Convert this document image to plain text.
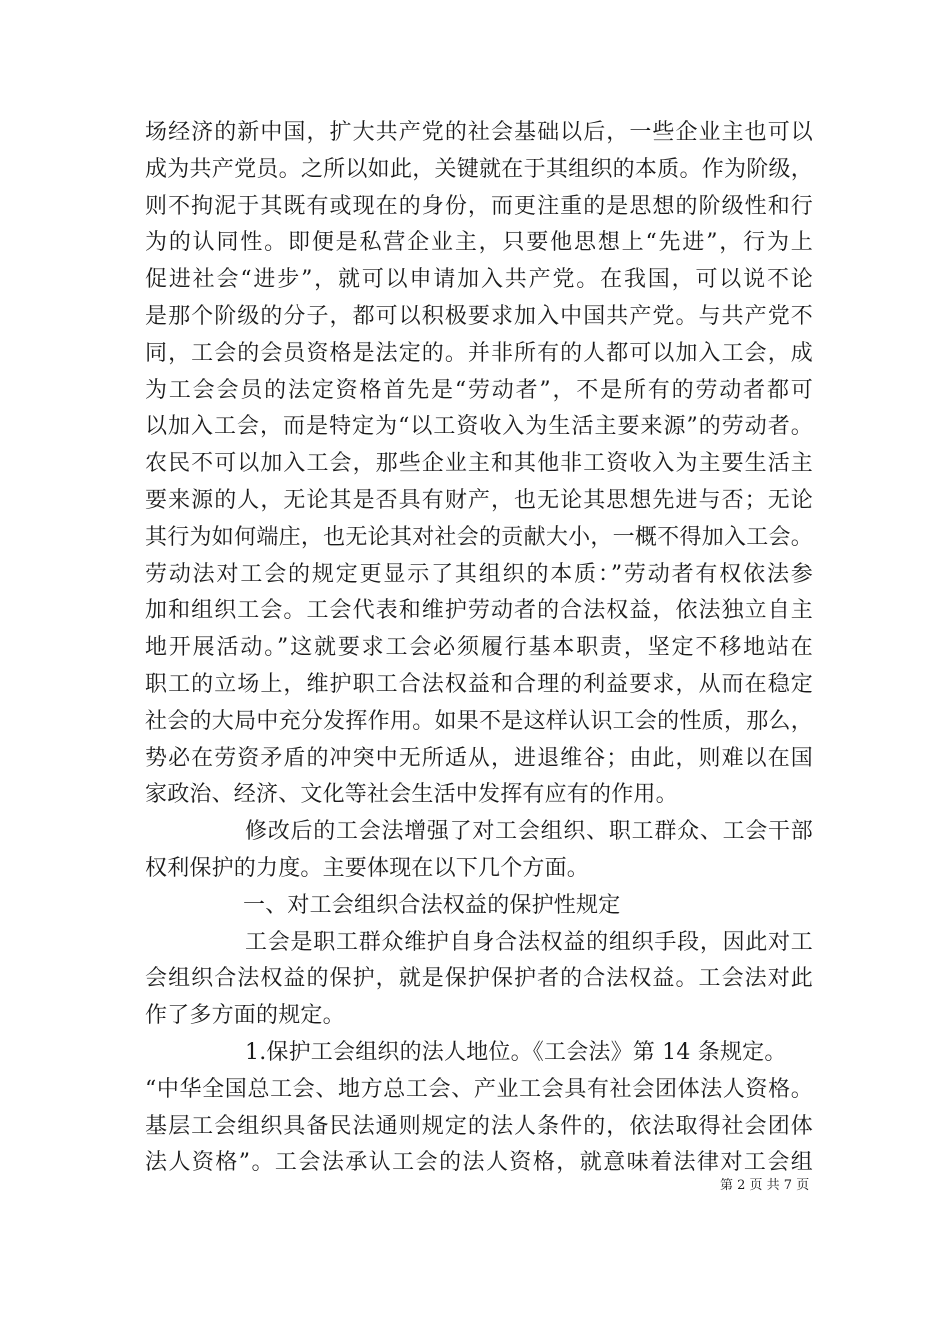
场经济的新中国，扩大共产党的社会基础以后，一些企业主也可以
成为共产党员。之所以如此，关键就在于其组织的本质。作为阶级，
则不拘泥于其既有或现在的身份，而更注重的是思想的阶级性和行
为的认同性。即便是私营企业主，只要他思想上“先进”，行为上
促进社会“进步”，就可以申请加入共产党。在我国，可以说不论
是那个阶级的分子，都可以积极要求加入中国共产党。与共产党不
同，工会的会员资格是法定的。并非所有的人都可以加入工会，成
为工会会员的法定资格首先是“劳动者”，不是所有的劳动者都可
以加入工会，而是特定为“以工资收入为生活主要来源”的劳动者。
农民不可以加入工会，那些企业主和其他非工资收入为主要生活主
要来源的人，无论其是否具有财产，也无论其思想先进与否；无论
其行为如何端庄，也无论其对社会的贡献大小，一概不得加入工会。
劳动法对工会的规定更显示了其组织的本质：”劳动者有权依法参
加和组织工会。工会代表和维护劳动者的合法权益，依法独立自主
地开展活动。”这就要求工会必须履行基本职责，坚定不移地站在
职工的立场上，维护职工合法权益和合理的利益要求，从而在稳定
社会的大局中充分发挥作用。如果不是这样认识工会的性质，那么，
势必在劳资矛盾的冲突中无所适从，进退维谷；由此，则难以在国
家政治、经济、文化等社会生活中发挥有应有的作用。
修改后的工会法增强了对工会组织、职工群众、工会干部
权利保护的力度。主要体现在以下几个方面。
一、对工会组织合法权益的保护性规定
工会是职工群众维护自身合法权益的组织手段，因此对工
会组织合法权益的保护，就是保护保护者的合法权益。工会法对此
作了多方面的规定。
1.保护工会组织的法人地位。《工会法》第 14 条规定。
“中华全国总工会、地方总工会、产业工会具有社会团体法人资格。
基层工会组织具备民法通则规定的法人条件的，依法取得社会团体
法人资格”。工会法承认工会的法人资格，就意味着法律对工会组
第 2 页 共 7 页
